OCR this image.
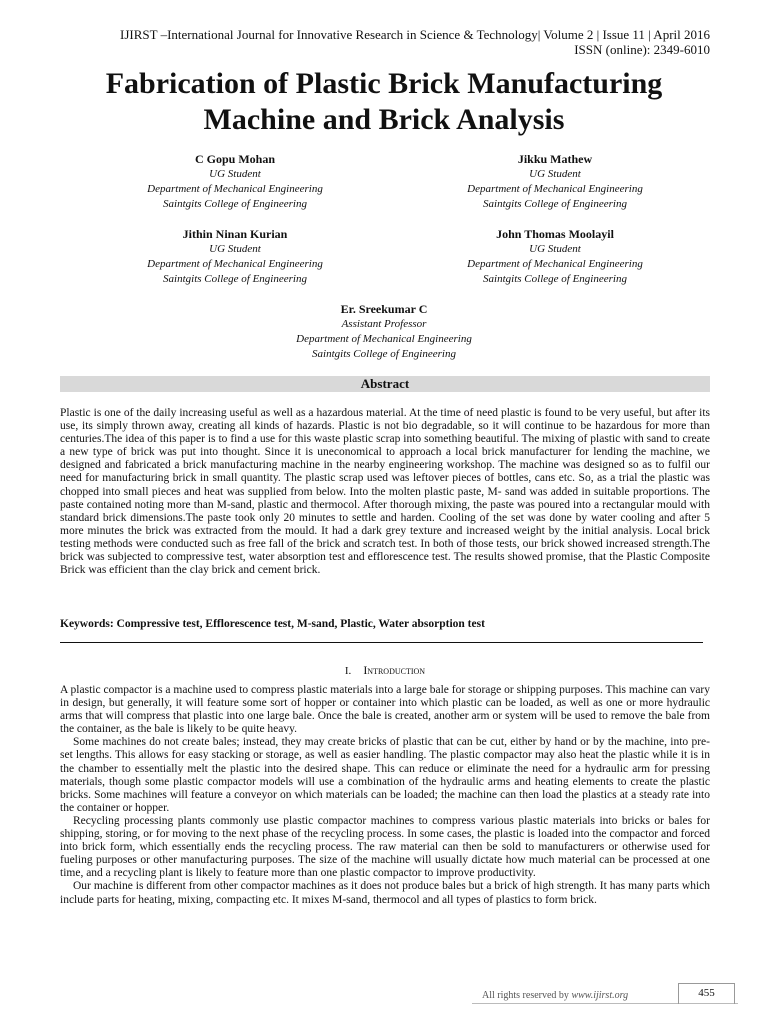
IJIRST –International Journal for Innovative Research in Science & Technology| Volume 2 | Issue 11 | April 2016
ISSN (online): 2349-6010
Fabrication of Plastic Brick Manufacturing
Machine and Brick Analysis
C Gopu Mohan
UG Student
Department of Mechanical Engineering
Saintgits College of Engineering
Jikku Mathew
UG Student
Department of Mechanical Engineering
Saintgits College of Engineering
Jithin Ninan Kurian
UG Student
Department of Mechanical Engineering
Saintgits College of Engineering
John Thomas Moolayil
UG Student
Department of Mechanical Engineering
Saintgits College of Engineering
Er. Sreekumar C
Assistant Professor
Department of Mechanical Engineering
Saintgits College of Engineering
Abstract

Plastic is one of the daily increasing useful as well as a hazardous material. At the time of need plastic is found to be very useful, but after its use, its simply thrown away, creating all kinds of hazards. Plastic is not bio degradable, so it will continue to be hazardous for more than centuries.The idea of this paper is to find a use for this waste plastic scrap into something beautiful. The mixing of plastic with sand to create a new type of brick was put into thought. Since it is uneconomical to approach a local brick manufacturer for lending the machine, we designed and fabricated a brick manufacturing machine in the nearby engineering workshop. The machine was designed so as to fulfil our need for manufacturing brick in small quantity. The plastic scrap used was leftover pieces of bottles, cans etc. So, as a trial the plastic was chopped into small pieces and heat was supplied from below. Into the molten plastic paste, M- sand was added in suitable proportions. The paste contained noting more than M-sand, plastic and thermocol. After thorough mixing, the paste was poured into a rectangular mould with standard brick dimensions.The paste took only 20 minutes to settle and harden. Cooling of the set was done by water cooling and after 5 more minutes the brick was extracted from the mould. It had a dark grey texture and increased weight by the initial analysis. Local brick testing methods were conducted such as free fall of the brick and scratch test. In both of those tests, our brick showed increased strength.The brick was subjected to compressive test, water absorption test and efflorescence test. The results showed promise, that the Plastic Composite Brick was efficient than the clay brick and cement brick.

Keywords: Compressive test, Efflorescence test, M-sand, Plastic, Water absorption test

I. Introduction

A plastic compactor is a machine used to compress plastic materials into a large bale for storage or shipping purposes. This machine can vary in design, but generally, it will feature some sort of hopper or container into which plastic can be loaded, as well as one or more hydraulic arms that will compress that plastic into one large bale. Once the bale is created, another arm or system will be used to remove the bale from the container, as the bale is likely to be quite heavy.

Some machines do not create bales; instead, they may create bricks of plastic that can be cut, either by hand or by the machine, into pre-set lengths. This allows for easy stacking or storage, as well as easier handling. The plastic compactor may also heat the plastic while it is in the chamber to essentially melt the plastic into the desired shape. This can reduce or eliminate the need for a hydraulic arm for pressing materials, though some plastic compactor models will use a combination of the hydraulic arms and heating elements to create the plastic bricks. Some machines will feature a conveyor on which materials can be loaded; the machine can then load the plastics at a steady rate into the container or hopper.

Recycling processing plants commonly use plastic compactor machines to compress various plastic materials into bricks or bales for shipping, storing, or for moving to the next phase of the recycling process. In some cases, the plastic is loaded into the compactor and forced into brick form, which essentially ends the recycling process. The raw material can then be sold to manufacturers or otherwise used for fueling purposes or other manufacturing purposes. The size of the machine will usually dictate how much material can be processed at one time, and a recycling plant is likely to feature more than one plastic compactor to improve productivity.

Our machine is different from other compactor machines as it does not produce bales but a brick of high strength. It has many parts which include parts for heating, mixing, compacting etc. It mixes M-sand, thermocol and all types of plastics to form brick.

All rights reserved by www.ijirst.org	455
